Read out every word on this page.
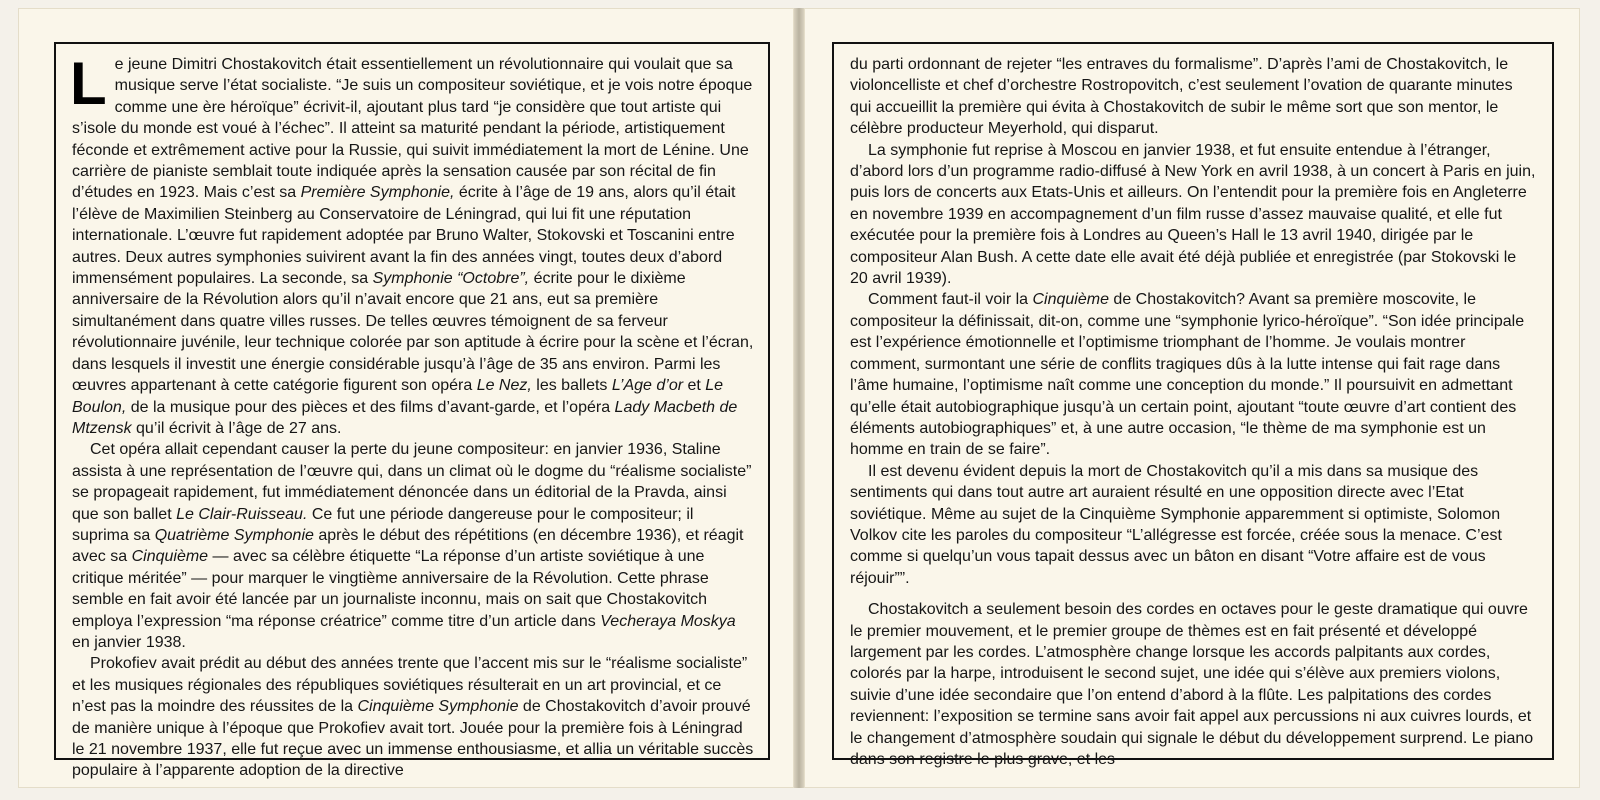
Le jeune Dimitri Chostakovitch était essentiellement un révolutionnaire qui voulait que sa musique serve l’état socialiste. “Je suis un compositeur soviétique, et je vois notre époque comme une ère héroïque” écrivit-il, ajoutant plus tard “je considère que tout artiste qui s’isole du monde est voué à l’échec”. Il atteint sa maturité pendant la période, artistiquement féconde et extrêmement active pour la Russie, qui suivit immédiatement la mort de Lénine. Une carrière de pianiste semblait toute indiquée après la sensation causée par son récital de fin d’études en 1923. Mais c’est sa Première Symphonie, écrite à l’âge de 19 ans, alors qu’il était l’élève de Maximilien Steinberg au Conservatoire de Léningrad, qui lui fit une réputation internationale. L’œuvre fut rapidement adoptée par Bruno Walter, Stokovski et Toscanini entre autres. Deux autres symphonies suivirent avant la fin des années vingt, toutes deux d’abord immensément populaires. La seconde, sa Symphonie “Octobre”, écrite pour le dixième anniversaire de la Révolution alors qu’il n’avait encore que 21 ans, eut sa première simultanément dans quatre villes russes. De telles œuvres témoignent de sa ferveur révolutionnaire juvénile, leur technique colorée par son aptitude à écrire pour la scène et l’écran, dans lesquels il investit une énergie considérable jusqu’à l’âge de 35 ans environ. Parmi les œuvres appartenant à cette catégorie figurent son opéra Le Nez, les ballets L’Age d’or et Le Boulon, de la musique pour des pièces et des films d’avant-garde, et l’opéra Lady Macbeth de Mtzensk qu’il écrivit à l’âge de 27 ans.

Cet opéra allait cependant causer la perte du jeune compositeur: en janvier 1936, Staline assista à une représentation de l’œuvre qui, dans un climat où le dogme du “réalisme socialiste” se propageait rapidement, fut immédiatement dénoncée dans un éditorial de la Pravda, ainsi que son ballet Le Clair-Ruisseau. Ce fut une période dangereuse pour le compositeur; il suprima sa Quatrième Symphonie après le début des répétitions (en décembre 1936), et réagit avec sa Cinquième — avec sa célèbre étiquette “La réponse d’un artiste soviétique à une critique méritée” — pour marquer le vingtième anniversaire de la Révolution. Cette phrase semble en fait avoir été lancée par un journaliste inconnu, mais on sait que Chostakovitch employa l’expression “ma réponse créatrice” comme titre d’un article dans Vecheraya Moskya en janvier 1938.

Prokofiev avait prédit au début des années trente que l’accent mis sur le “réalisme socialiste” et les musiques régionales des républiques soviétiques résulterait en un art provincial, et ce n’est pas la moindre des réussites de la Cinquième Symphonie de Chostakovitch d’avoir prouvé de manière unique à l’époque que Prokofiev avait tort. Jouée pour la première fois à Léningrad le 21 novembre 1937, elle fut reçue avec un immense enthousiasme, et allia un véritable succès populaire à l’apparente adoption de la directive

du parti ordonnant de rejeter “les entraves du formalisme”. D’après l’ami de Chostakovitch, le violoncelliste et chef d’orchestre Rostropovitch, c’est seulement l’ovation de quarante minutes qui accueillit la première qui évita à Chostakovitch de subir le même sort que son mentor, le célèbre producteur Meyerhold, qui disparut.

La symphonie fut reprise à Moscou en janvier 1938, et fut ensuite entendue à l’étranger, d’abord lors d’un programme radio-diffusé à New York en avril 1938, à un concert à Paris en juin, puis lors de concerts aux Etats-Unis et ailleurs. On l’entendit pour la première fois en Angleterre en novembre 1939 en accompagnement d’un film russe d’assez mauvaise qualité, et elle fut exécutée pour la première fois à Londres au Queen’s Hall le 13 avril 1940, dirigée par le compositeur Alan Bush. A cette date elle avait été déjà publiée et enregistrée (par Stokovski le 20 avril 1939).

Comment faut-il voir la Cinquième de Chostakovitch? Avant sa première moscovite, le compositeur la définissait, dit-on, comme une “symphonie lyrico-héroïque”. “Son idée principale est l’expérience émotionnelle et l’optimisme triomphant de l’homme. Je voulais montrer comment, surmontant une série de conflits tragiques dûs à la lutte intense qui fait rage dans l’âme humaine, l’optimisme naît comme une conception du monde.” Il poursuivit en admettant qu’elle était autobiographique jusqu’à un certain point, ajoutant “toute œuvre d’art contient des éléments autobiographiques” et, à une autre occasion, “le thème de ma symphonie est un homme en train de se faire”.

Il est devenu évident depuis la mort de Chostakovitch qu’il a mis dans sa musique des sentiments qui dans tout autre art auraient résulté en une opposition directe avec l’Etat soviétique. Même au sujet de la Cinquième Symphonie apparemment si optimiste, Solomon Volkov cite les paroles du compositeur “L’allégresse est forcée, créée sous la menace. C’est comme si quelqu’un vous tapait dessus avec un bâton en disant “Votre affaire est de vous réjouir””.

Chostakovitch a seulement besoin des cordes en octaves pour le geste dramatique qui ouvre le premier mouvement, et le premier groupe de thèmes est en fait présenté et développé largement par les cordes. L’atmosphère change lorsque les accords palpitants aux cordes, colorés par la harpe, introduisent le second sujet, une idée qui s’élève aux premiers violons, suivie d’une idée secondaire que l’on entend d’abord à la flûte. Les palpitations des cordes reviennent: l’exposition se termine sans avoir fait appel aux percussions ni aux cuivres lourds, et le changement d’atmosphère soudain qui signale le début du développement surprend. Le piano dans son registre le plus grave, et les
